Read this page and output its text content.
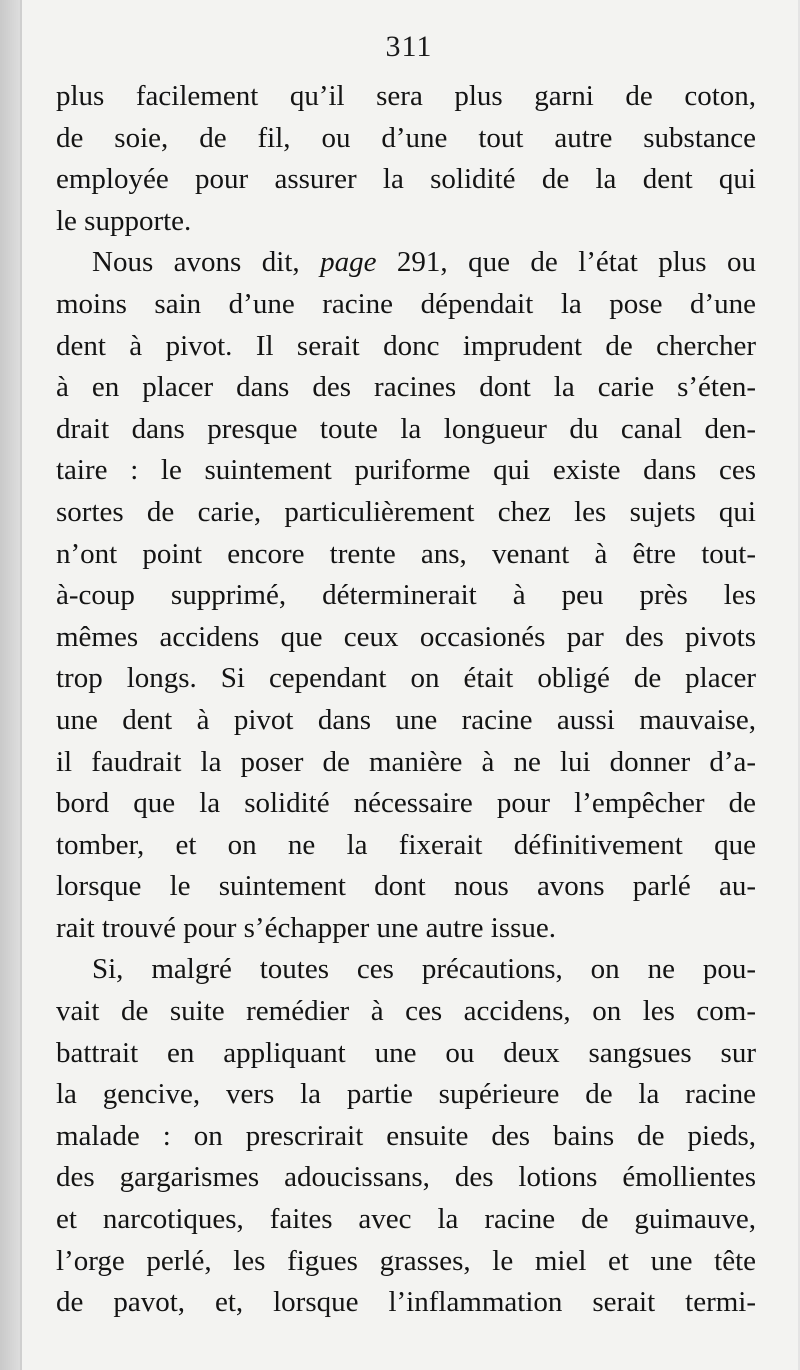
311
plus facilement qu’il sera plus garni de coton,
de soie, de fil, ou d’une tout autre substance
employée pour assurer la solidité de la dent qui
le supporte.
Nous avons dit, page 291, que de l’état plus ou
moins sain d’une racine dépendait la pose d’une
dent à pivot. Il serait donc imprudent de chercher
à en placer dans des racines dont la carie s’éten-
drait dans presque toute la longueur du canal den-
taire : le suintement puriforme qui existe dans ces
sortes de carie, particulièrement chez les sujets qui
n’ont point encore trente ans, venant à être tout-
à-coup supprimé, déterminerait à peu près les
mêmes accidens que ceux occasionés par des pivots
trop longs. Si cependant on était obligé de placer
une dent à pivot dans une racine aussi mauvaise,
il faudrait la poser de manière à ne lui donner d’a-
bord que la solidité nécessaire pour l’empêcher de
tomber, et on ne la fixerait définitivement que
lorsque le suintement dont nous avons parlé au-
rait trouvé pour s’échapper une autre issue.
Si, malgré toutes ces précautions, on ne pou-
vait de suite remédier à ces accidens, on les com-
battrait en appliquant une ou deux sangsues sur
la gencive, vers la partie supérieure de la racine
malade : on prescrirait ensuite des bains de pieds,
des gargarismes adoucissans, des lotions émollientes
et narcotiques, faites avec la racine de guimauve,
l’orge perlé, les figues grasses, le miel et une tête
de pavot, et, lorsque l’inflammation serait termi-
